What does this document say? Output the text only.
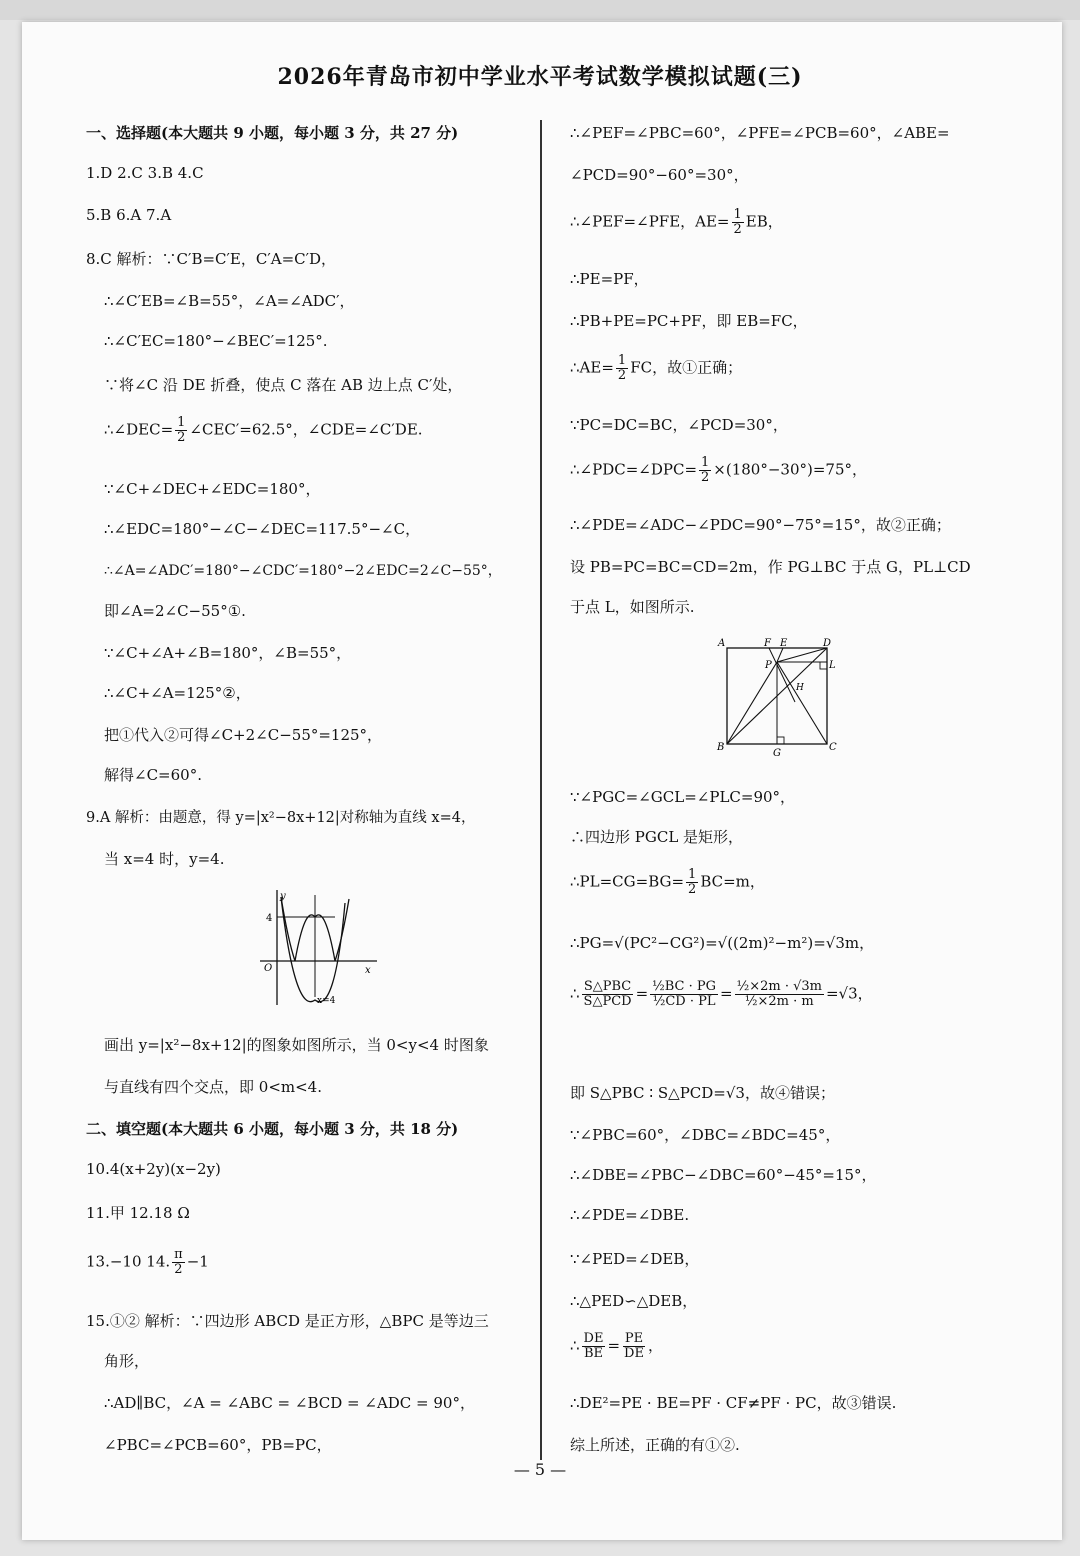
2026年青岛市初中学业水平考试数学模拟试题(三)
一、选择题(本大题共 9 小题，每小题 3 分，共 27 分)
1.D 2.C 3.B 4.C
5.B 6.A 7.A
8.C 解析：∵C′B=C′E，C′A=C′D，
∴∠C′EB=∠B=55°，∠A=∠ADC′，
∴∠C′EC=180°−∠BEC′=125°.
∵将∠C 沿 DE 折叠，使点 C 落在 AB 边上点 C′处，
∴∠DEC= $\frac{1}{2}$ ∠CEC′=62.5°，∠CDE=∠C′DE.
∵∠C+∠DEC+∠EDC=180°，
∴∠EDC=180°−∠C−∠DEC=117.5°−∠C，
∴∠A=∠ADC′=180°−∠CDC′=180°−2∠EDC=2∠C−55°，
即∠A=2∠C−55°①.
∵∠C+∠A+∠B=180°，∠B=55°，
∴∠C+∠A=125°②，
把①代入②可得∠C+2∠C−55°=125°，
解得∠C=60°.
9.A 解析：由题意，得 y=|x²−8x+12|对称轴为直线 x=4，
当 x=4 时，y=4.
y
x
O
4
x=4
画出 y=|x²−8x+12|的图象如图所示，当 0<y<4 时图象
与直线有四个交点，即 0<m<4.
二、填空题(本大题共 6 小题，每小题 3 分，共 18 分)
10.4(x+2y)(x−2y)
11.甲 12.18 Ω
13.−10 14. $\frac{\pi}{2} -1$
15.①② 解析：∵四边形 ABCD 是正方形，△BPC 是等边三
角形，
∴AD∥BC，∠A = ∠ABC = ∠BCD = ∠ADC = 90°，
∠PBC=∠PCB=60°，PB=PC，
∴∠PEF=∠PBC=60°，∠PFE=∠PCB=60°，∠ABE=
∠PCD=90°−60°=30°，
∴∠PEF=∠PFE，$AE= \frac{1}{2}$ EB，
∴PE=PF，
∴PB+PE=PC+PF，即 EB=FC，
∴AE= $\frac{1}{2}$ FC，故①正确；
∵PC=DC=BC，∠PCD=30°，
∴∠PDC=∠DPC= $\frac{1}{2} \times(180^\circ-30^\circ)=75^\circ$，
∴∠PDE=∠ADC−∠PDC=90°−75°=15°，故②正确；
设 PB=PC=BC=CD=2m，作 PG⊥BC 于点 G，PL⊥CD
于点 L，如图所示.
A	F E	D
P	L
H
B
G
C
∵∠PGC=∠GCL=∠PLC=90°，
∴四边形 PGCL 是矩形，
∴PL=CG=BG= $\frac{1}{2} BC=m$，
∴PG=√(PC²−CG²)=√((2m)²−m²)=√3m，
∴ $\frac{\text{S△PBC}}{\text{S△PCD}} = \frac{\text{½BC · PG}}{\text{½CD · PL}} = \frac{\text{½×2m · √3m}}{\text{½×2m · m}} =√3$，
即 S△PBC ∶ S△PCD=√3，故④错误；
∵∠PBC=60°，∠DBC=∠BDC=45°，
∴∠DBE=∠PBC−∠DBC=60°−45°=15°，
∴∠PDE=∠DBE.
∵∠PED=∠DEB，
∴△PED∽△DEB，
∴ $\frac{DE}{BE} = \frac{PE}{DE}$ ，
∴DE²=PE · BE=PF · CF≠PF · PC，故③错误.
综上所述，正确的有①②.
— 5 —
